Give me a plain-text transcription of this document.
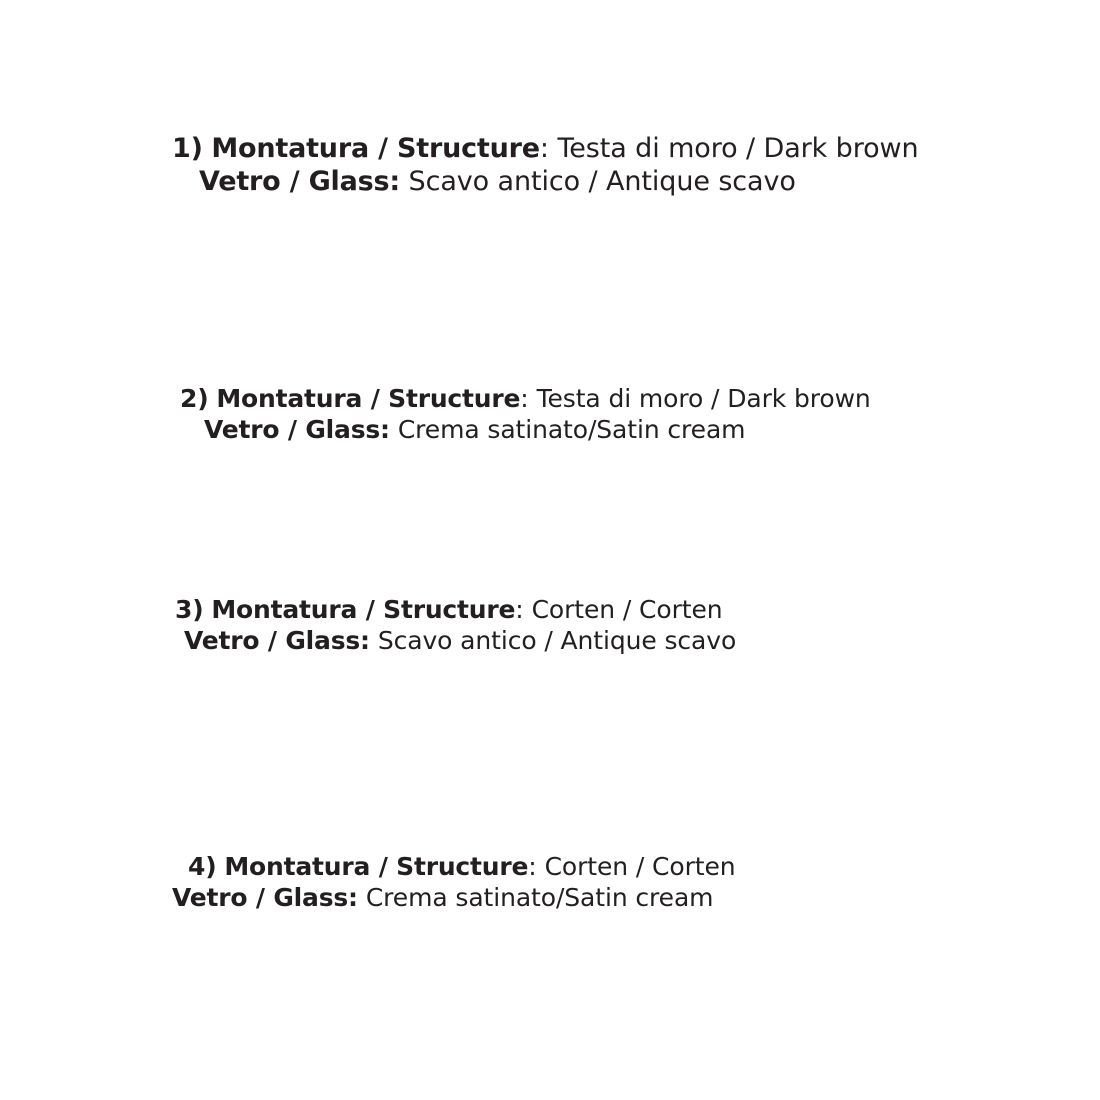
1) Montatura / Structure: Testa di moro / Dark brown
Vetro / Glass: Scavo antico / Antique scavo
2) Montatura / Structure: Testa di moro / Dark brown
Vetro / Glass: Crema satinato/Satin cream
3) Montatura / Structure: Corten / Corten
Vetro / Glass: Scavo antico / Antique scavo
4) Montatura / Structure: Corten / Corten
Vetro / Glass: Crema satinato/Satin cream
